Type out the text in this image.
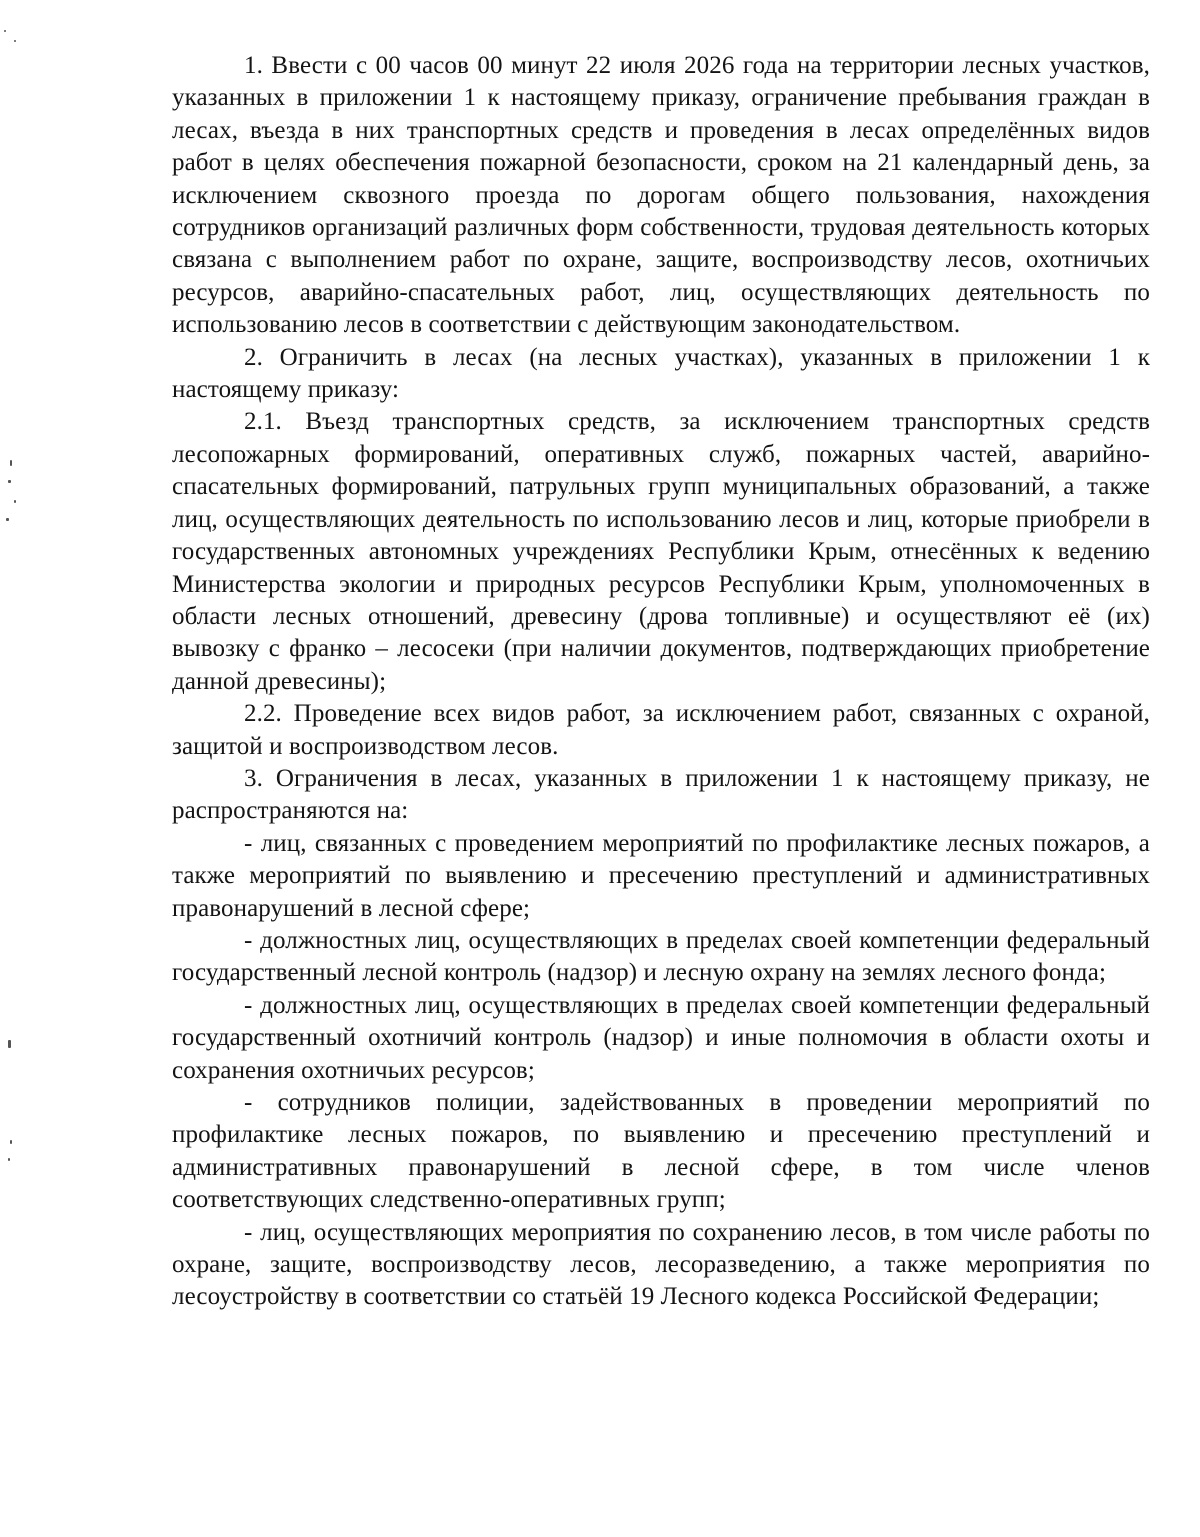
1. Ввести с 00 часов 00 минут 22 июля 2026 года на территории лесных участков, указанных в приложении 1 к настоящему приказу, ограничение пребывания граждан в лесах, въезда в них транспортных средств и проведения в лесах определённых видов работ в целях обеспечения пожарной безопасности, сроком на 21 календарный день, за исключением сквозного проезда по дорогам общего пользования, нахождения сотрудников организаций различных форм собственности, трудовая деятельность которых связана с выполнением работ по охране, защите, воспроизводству лесов, охотничьих ресурсов, аварийно-спасательных работ, лиц, осуществляющих деятельность по использованию лесов в соответствии с действующим законодательством.

2. Ограничить в лесах (на лесных участках), указанных в приложении 1 к настоящему приказу:

2.1. Въезд транспортных средств, за исключением транспортных средств лесопожарных формирований, оперативных служб, пожарных частей, аварийно-спасательных формирований, патрульных групп муниципальных образований, а также лиц, осуществляющих деятельность по использованию лесов и лиц, которые приобрели в государственных автономных учреждениях Республики Крым, отнесённых к ведению Министерства экологии и природных ресурсов Республики Крым, уполномоченных в области лесных отношений, древесину (дрова топливные) и осуществляют её (их) вывозку с франко – лесосеки (при наличии документов, подтверждающих приобретение данной древесины);

2.2. Проведение всех видов работ, за исключением работ, связанных с охраной, защитой и воспроизводством лесов.

3. Ограничения в лесах, указанных в приложении 1 к настоящему приказу, не распространяются на:

- лиц, связанных с проведением мероприятий по профилактике лесных пожаров, а также мероприятий по выявлению и пресечению преступлений и административных правонарушений в лесной сфере;

- должностных лиц, осуществляющих в пределах своей компетенции федеральный государственный лесной контроль (надзор) и лесную охрану на землях лесного фонда;

- должностных лиц, осуществляющих в пределах своей компетенции федеральный государственный охотничий контроль (надзор) и иные полномочия в области охоты и сохранения охотничьих ресурсов;

- сотрудников полиции, задействованных в проведении мероприятий по профилактике лесных пожаров, по выявлению и пресечению преступлений и административных правонарушений в лесной сфере, в том числе членов соответствующих следственно-оперативных групп;

- лиц, осуществляющих мероприятия по сохранению лесов, в том числе работы по охране, защите, воспроизводству лесов, лесоразведению, а также мероприятия по лесоустройству в соответствии со статьёй 19 Лесного кодекса Российской Федерации;
